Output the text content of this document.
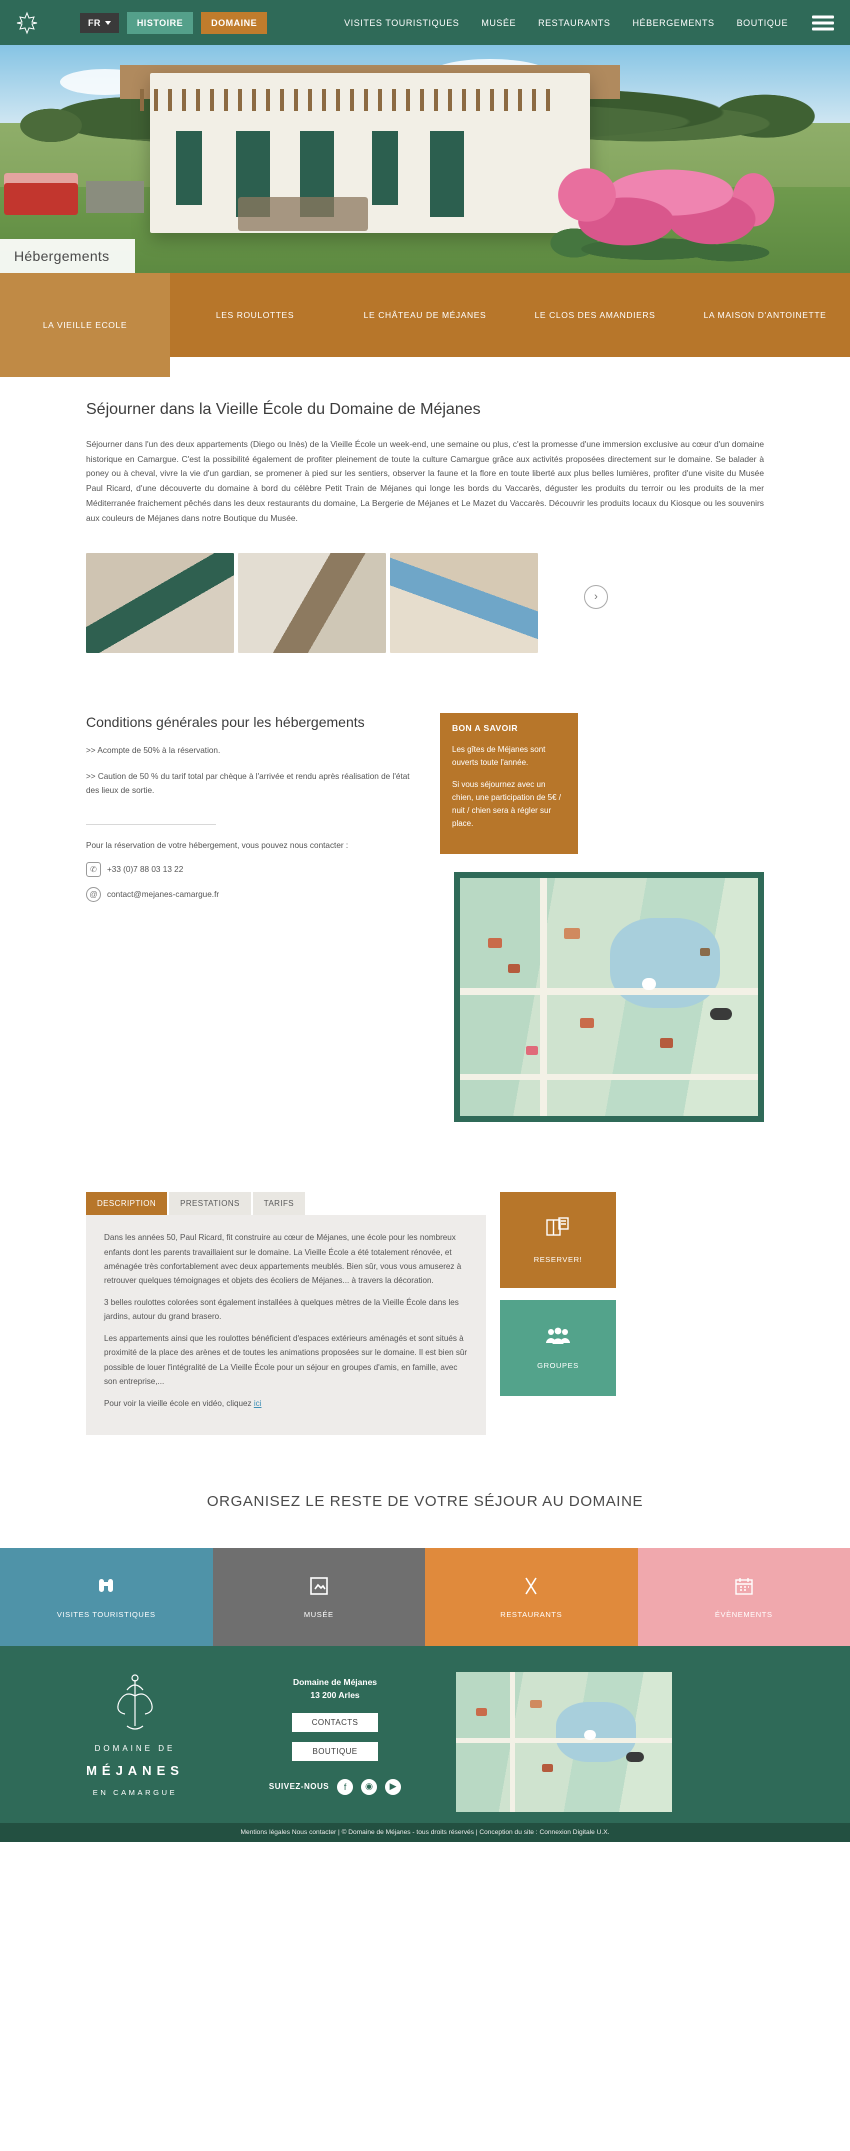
FR	HISTOIRE	DOMAINE	VISITES TOURISTIQUES MUSÉE RESTAURANTS HÉBERGEMENTS BOUTIQUE
Hébergements
LA VIEILLE ECOLE
LES ROULOTTES	LE CHÂTEAU DE MÉJANES	LE CLOS DES AMANDIERS	LA MAISON D'ANTOINETTE
Séjourner dans la Vieille École du Domaine de Méjanes

Séjourner dans l'un des deux appartements (Diego ou Inès) de la Vieille École un week-end, une semaine ou plus, c'est la promesse d'une immersion exclusive au cœur d'un domaine historique en Camargue. C'est la possibilité également de profiter pleinement de toute la culture Camargue grâce aux activités proposées directement sur le domaine. Se balader à poney ou à cheval, vivre la vie d'un gardian, se promener à pied sur les sentiers, observer la faune et la flore en toute liberté aux plus belles lumières, profiter d'une visite du Musée Paul Ricard, d'une découverte du domaine à bord du célèbre Petit Train de Méjanes qui longe les bords du Vaccarès, déguster les produits du terroir ou les produits de la mer Méditerranée fraichement pêchés dans les deux restaurants du domaine, La Bergerie de Méjanes et Le Mazet du Vaccarès. Découvrir les produits locaux du Kiosque ou les souvenirs aux couleurs de Méjanes dans notre Boutique du Musée.

›
Conditions générales pour les hébergements

>> Acompte de 50% à la réservation.

>> Caution de 50 % du tarif total par chèque à l'arrivée et rendu après réalisation de l'état des lieux de sortie.

Pour la réservation de votre hébergement, vous pouvez nous contacter :
✆	+33 (0)7 88 03 13 22
@	contact@mejanes-camargue.fr
BON A SAVOIR

Les gîtes de Méjanes sont ouverts toute l'année.

Si vous séjournez avec un chien, une participation de 5€ / nuit / chien sera à régler sur place.

DESCRIPTION	PRESTATIONS	TARIFS

Dans les années 50, Paul Ricard, fit construire au cœur de Méjanes, une école pour les nombreux enfants dont les parents travaillaient sur le domaine. La Vieille École a été totalement rénovée, et aménagée très confortablement avec deux appartements meublés. Bien sûr, vous vous amuserez à retrouver quelques témoignages et objets des écoliers de Méjanes... à travers la décoration.

3 belles roulottes colorées sont également installées à quelques mètres de la Vieille École dans les jardins, autour du grand brasero.

Les appartements ainsi que les roulottes bénéficient d'espaces extérieurs aménagés et sont situés à proximité de la place des arènes et de toutes les animations proposées sur le domaine. Il est bien sûr possible de louer l'intégralité de La Vieille École pour un séjour en groupes d'amis, en famille, avec son entreprise,...

Pour voir la vieille école en vidéo, cliquez ici

RESERVER!
GROUPES
ORGANISEZ LE RESTE DE VOTRE SÉJOUR AU DOMAINE
VISITES TOURISTIQUES	MUSÉE	RESTAURANTS	ÉVÈNEMENTS
DOMAINE DE
MÉJANES
EN CAMARGUE
Domaine de Méjanes
13 200 Arles
CONTACTS
BOUTIQUE
SUIVEZ-NOUS	f	◉	▶
Mentions légales Nous contacter | © Domaine de Méjanes - tous droits réservés | Conception du site : Connexion Digitale U.X.
